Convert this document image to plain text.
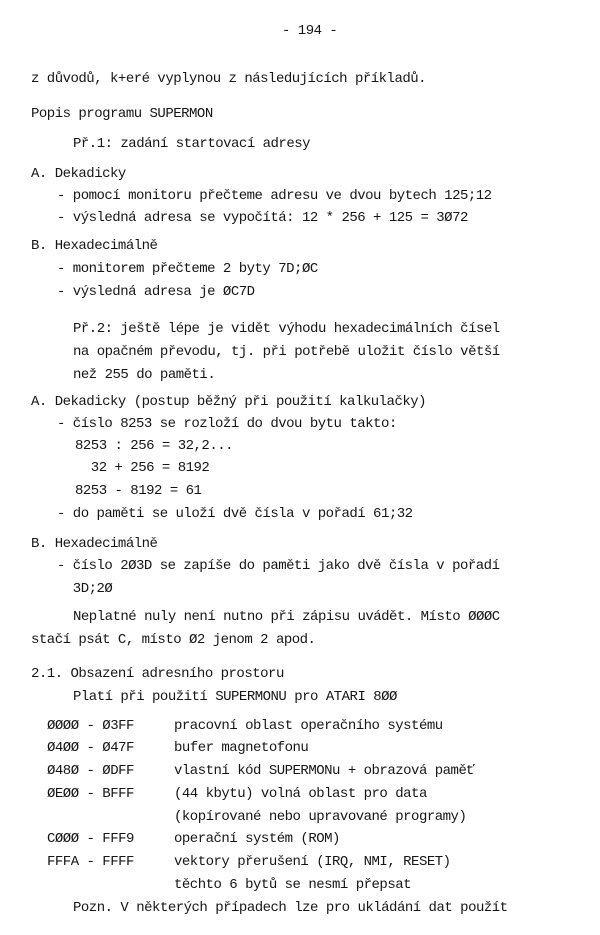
- 194 -
z důvodů, k+eré vyplynou z následujících příkladů.
Popis programu SUPERMON
Př.1: zadání startovací adresy
A. Dekadicky
- pomocí monitoru přečteme adresu ve dvou bytech 125;12
- výsledná adresa se vypočítá: 12 * 256 + 125 = 3Ø72
B. Hexadecimálně
- monitorem přečteme 2 byty 7D;ØC
- výsledná adresa je ØC7D
Př.2: ještě lépe je vidět výhodu hexadecimálních čísel
na opačném převodu, tj. při potřebě uložit číslo větší
než 255 do paměti.
A. Dekadicky (postup běžný při použití kalkulačky)
- číslo 8253 se rozloží do dvou bytu takto:
8253 : 256 = 32,2...
32 + 256 = 8192
8253 - 8192 = 61
- do paměti se uloží dvě čísla v pořadí 61;32
B. Hexadecimálně
- číslo 2Ø3D se zapíše do paměti jako dvě čísla v pořadí
3D;2Ø
Neplatné nuly není nutno při zápisu uvádět. Místo ØØØC
stačí psát C, místo Ø2 jenom 2 apod.
2.1. Obsazení adresního prostoru
Platí při použití SUPERMONU pro ATARI 8ØØ
ØØØØ - Ø3FF	pracovní oblast operačního systému
Ø4ØØ - Ø47F	bufer magnetofonu
Ø48Ø - ØDFF	vlastní kód SUPERMONu + obrazová paměť
ØEØØ - BFFF	(44 kbytu) volná oblast pro data
(kopírované nebo upravované programy)
CØØØ - FFF9	operační systém (ROM)
FFFA - FFFF	vektory přerušení (IRQ, NMI, RESET)
těchto 6 bytů se nesmí přepsat
Pozn. V některých případech lze pro ukládání dat použít
